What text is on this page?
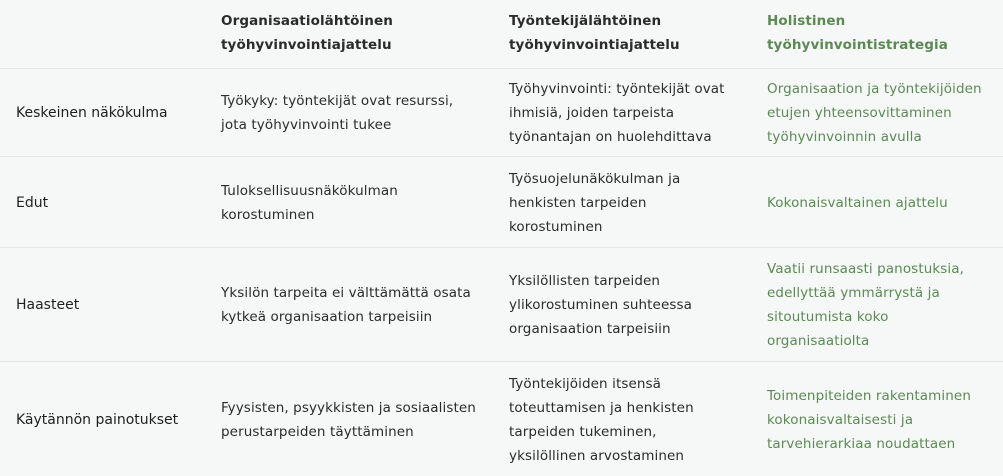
Organisaatiolähtöinen
työhyvinvointiajattelu
Työntekijälähtöinen
työhyvinvointiajattelu
Holistinen
työhyvinvointistrategia
Keskeinen näkökulma
Työkyky: työntekijät ovat resurssi,
jota työhyvinvointi tukee
Työhyvinvointi: työntekijät ovat
ihmisiä, joiden tarpeista
työnantajan on huolehdittava
Organisaation ja työntekijöiden
etujen yhteensovittaminen
työhyvinvoinnin avulla
Edut
Tuloksellisuusnäkökulman
korostuminen
Työsuojelunäkökulman ja
henkisten tarpeiden
korostuminen
Kokonaisvaltainen ajattelu
Haasteet
Yksilön tarpeita ei välttämättä osata
kytkeä organisaation tarpeisiin
Yksilöllisten tarpeiden
ylikorostuminen suhteessa
organisaation tarpeisiin
Vaatii runsaasti panostuksia,
edellyttää ymmärrystä ja
sitoutumista koko
organisaatiolta
Käytännön painotukset
Fyysisten, psyykkisten ja sosiaalisten
perustarpeiden täyttäminen
Työntekijöiden itsensä
toteuttamisen ja henkisten
tarpeiden tukeminen,
yksilöllinen arvostaminen
Toimenpiteiden rakentaminen
kokonaisvaltaisesti ja
tarvehierarkiaa noudattaen
